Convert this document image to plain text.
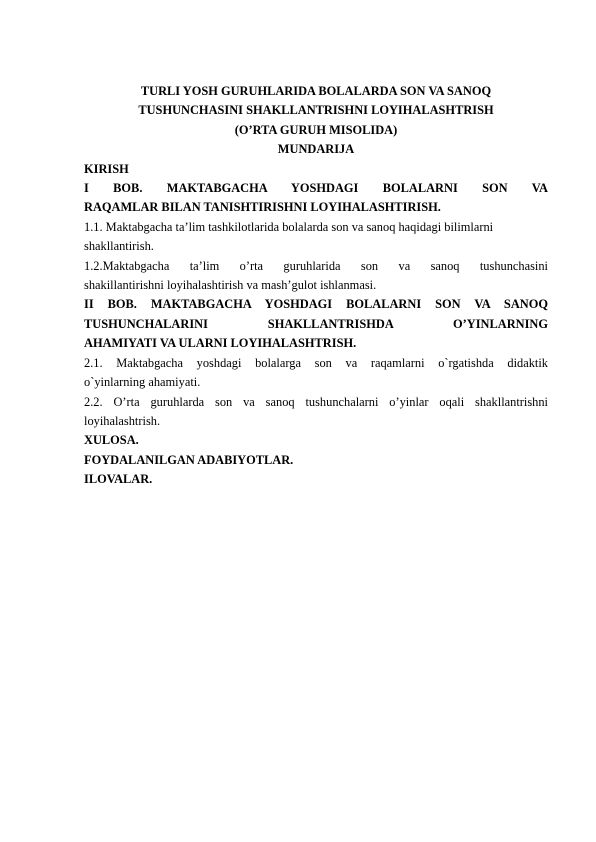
TURLI YOSH GURUHLARIDA BOLALARDA SON VA SANOQ

TUSHUNCHASINI SHAKLLANTRISHNI LOYIHALASHTRISH

(O’RTA GURUH MISOLIDA)

MUNDARIJA

KIRISH

I BOB. MAKTABGACHA YOSHDAGI BOLALARNI SON VA

RAQAMLAR BILAN TANISHTIRISHNI LOYIHALASHTIRISH.

1.1. Maktabgacha ta’lim tashkilotlarida bolalarda son va sanoq haqidagi bilimlarni

shakllantirish.

1.2.Maktabgacha ta’lim o’rta guruhlarida son va sanoq tushunchasini

shakillantirishni loyihalashtirish va mash’gulot ishlanmasi.

II BOB. MAKTABGACHA YOSHDAGI BOLALARNI SON VA SANOQ

TUSHUNCHALARINI SHAKLLANTRISHDA O’YINLARNING

AHAMIYATI VA ULARNI LOYIHALASHTRISH.

2.1. Maktabgacha yoshdagi bolalarga son va raqamlarni o`rgatishda didaktik

o`yinlarning ahamiyati.

2.2. O’rta guruhlarda son va sanoq tushunchalarni o’yinlar oqali shakllantrishni

loyihalashtrish.

XULOSA.

FOYDALANILGAN ADABIYOTLAR.

ILOVALAR.
